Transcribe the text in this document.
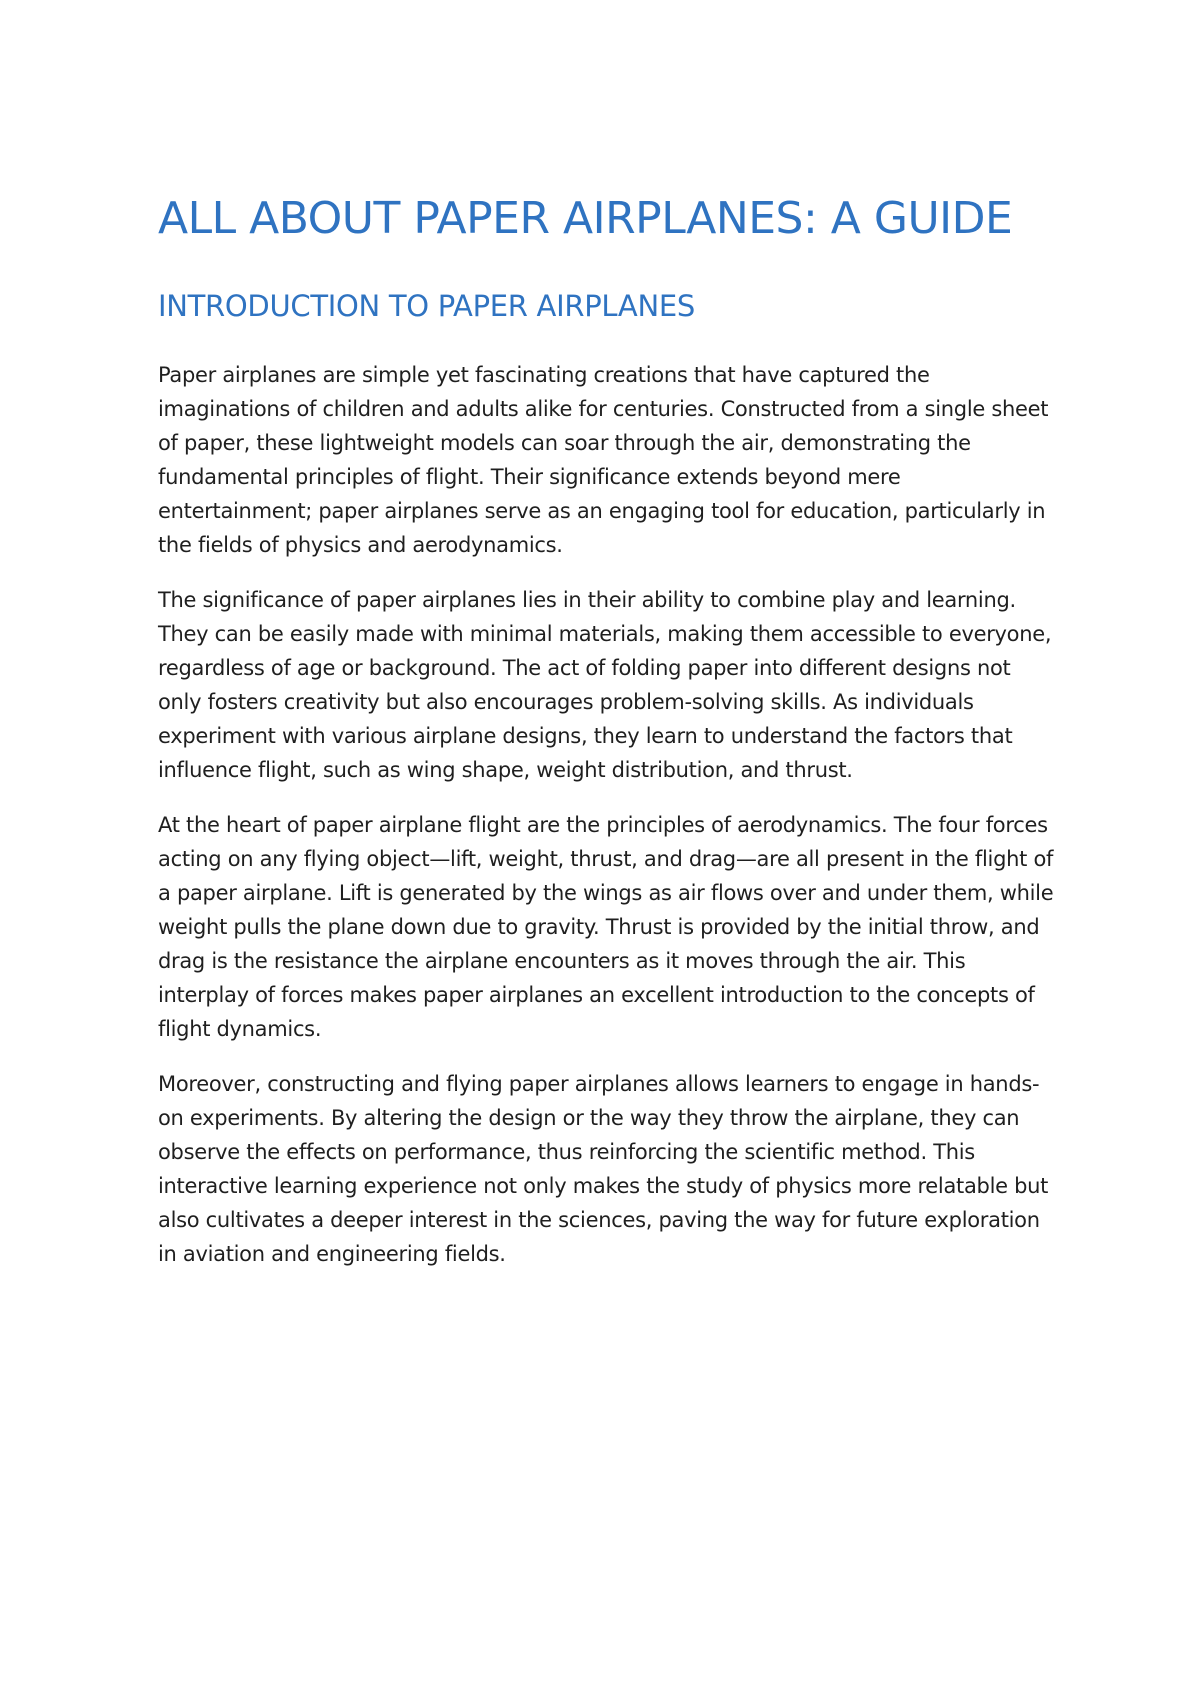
ALL ABOUT PAPER AIRPLANES: A GUIDE
INTRODUCTION TO PAPER AIRPLANES

Paper airplanes are simple yet fascinating creations that have captured the imaginations of children and adults alike for centuries. Constructed from a single sheet of paper, these lightweight models can soar through the air, demonstrating the fundamental principles of flight. Their significance extends beyond mere entertainment; paper airplanes serve as an engaging tool for education, particularly in the fields of physics and aerodynamics.

The significance of paper airplanes lies in their ability to combine play and learning. They can be easily made with minimal materials, making them accessible to everyone, regardless of age or background. The act of folding paper into different designs not only fosters creativity but also encourages problem-solving skills. As individuals experiment with various airplane designs, they learn to understand the factors that influence flight, such as wing shape, weight distribution, and thrust.

At the heart of paper airplane flight are the principles of aerodynamics. The four forces acting on any flying object—lift, weight, thrust, and drag—are all present in the flight of a paper airplane. Lift is generated by the wings as air flows over and under them, while weight pulls the plane down due to gravity. Thrust is provided by the initial throw, and drag is the resistance the airplane encounters as it moves through the air. This interplay of forces makes paper airplanes an excellent introduction to the concepts of flight dynamics.

Moreover, constructing and flying paper airplanes allows learners to engage in hands-on experiments. By altering the design or the way they throw the airplane, they can observe the effects on performance, thus reinforcing the scientific method. This interactive learning experience not only makes the study of physics more relatable but also cultivates a deeper interest in the sciences, paving the way for future exploration in aviation and engineering fields.
